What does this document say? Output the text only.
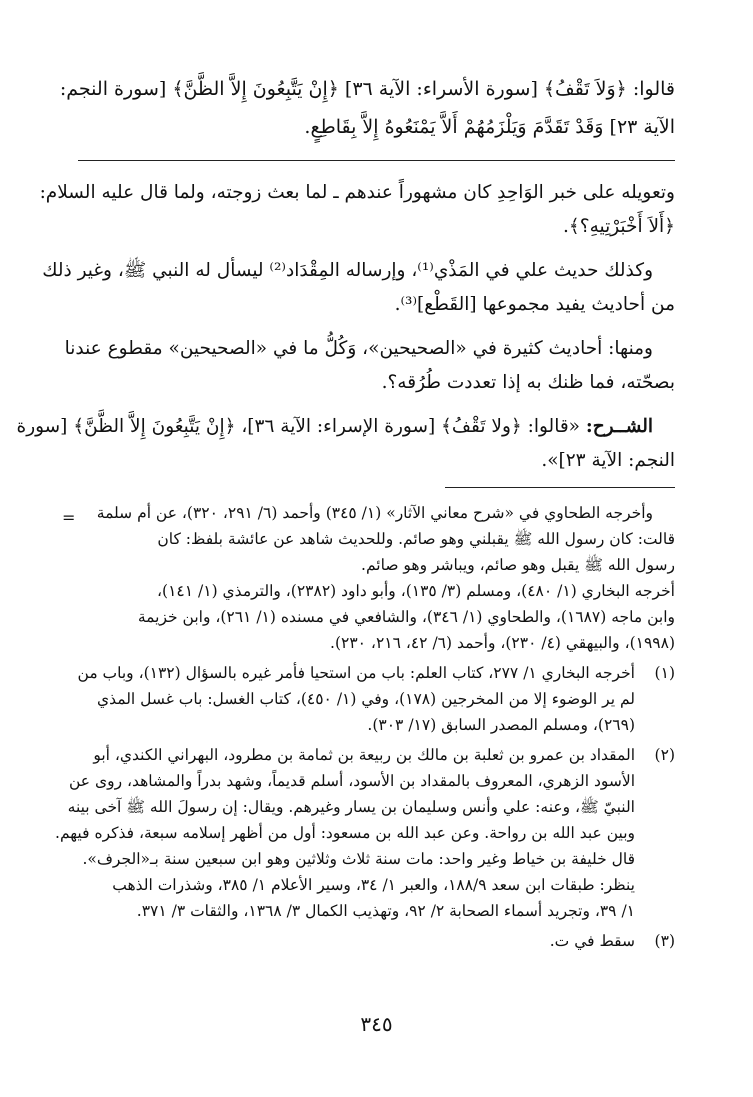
قالوا: ﴿وَلاَ تَقْفُ﴾ [سورة الأسراء: الآية ٣٦] ﴿إِنْ يَتَّبِعُونَ إِلاَّ الظَّنَّ﴾ [سورة النجم:
الآية ٢٣] وَقَدْ تَقَدَّمَ وَيَلْزَمُهُمْ أَلاَّ يَمْنَعُوهُ إِلاَّ بِقَاطِعٍ.
وتعويله على خبر الوَاحِدِ كان مشهوراً عندهم ـ لما بعث زوجته، ولما قال عليه السلام:
﴿أَلاَ أَخْبَرْتِيهِ؟﴾.
وكذلك حديث علي في المَذْي⁽¹⁾، وإرساله المِقْدَاد⁽²⁾ ليسأل له النبي ﷺ، وغير ذلك
من أحاديث يفيد مجموعها [القَطْع]⁽³⁾.
ومنها: أحاديث كثيرة في «الصحيحين»، وَكُلُّ ما في «الصحيحين» مقطوع عندنا
بصحّته، فما ظنك به إذا تعددت طُرُقه؟.
الشــرح: «قالوا: ﴿ولا تَقْفُ﴾ [سورة الإسراء: الآية ٣٦]، ﴿إِنْ يَتَّبِعُونَ إِلاَّ الظَّنَّ﴾ [سورة
النجم: الآية ٢٣]».
=	وأخرجه الطحاوي في «شرح معاني الآثار» (١/ ٣٤٥) وأحمد (٦/ ٢٩١، ٣٢٠)، عن أم سلمة
قالت: كان رسول الله ﷺ يقبلني وهو صائم. وللحديث شاهد عن عائشة بلفظ: كان
رسول الله ﷺ يقبل وهو صائم، ويباشر وهو صائم.
أخرجه البخاري (١/ ٤٨٠)، ومسلم (٣/ ١٣٥)، وأبو داود (٢٣٨٢)، والترمذي (١/ ١٤١)،
وابن ماجه (١٦٨٧)، والطحاوي (١/ ٣٤٦)، والشافعي في مسنده (١/ ٢٦١)، وابن خزيمة
(١٩٩٨)، والبيهقي (٤/ ٢٣٠)، وأحمد (٦/ ٤٢، ٢١٦، ٢٣٠).
(١)
أخرجه البخاري ١/ ٢٧٧، كتاب العلم: باب من استحيا فأمر غيره بالسؤال (١٣٢)، وباب من
لم ير الوضوء إلا من المخرجين (١٧٨)، وفي (١/ ٤٥٠)، كتاب الغسل: باب غسل المذي
(٢٦٩)، ومسلم المصدر السابق (١٧/ ٣٠٣).
(٢)
المقداد بن عمرو بن ثعلبة بن مالك بن ربيعة بن ثمامة بن مطرود، البهراني الكندي، أبو
الأسود الزهري، المعروف بالمقداد بن الأسود، أسلم قديماً، وشهد بدراً والمشاهد، روى عن
النبيّ ﷺ، وعنه: علي وأنس وسليمان بن يسار وغيرهم. ويقال: إن رسولَ الله ﷺ آخى بينه
وبين عبد الله بن رواحة. وعن عبد الله بن مسعود: أول من أظهر إسلامه سبعة، فذكره فيهم.
قال خليفة بن خياط وغير واحد: مات سنة ثلاث وثلاثين وهو ابن سبعين سنة بـ«الجرف».
ينظر: طبقات ابن سعد ١٨٨/٩، والعبر ١/ ٣٤، وسير الأعلام ١/ ٣٨٥، وشذرات الذهب
١/ ٣٩، وتجريد أسماء الصحابة ٢/ ٩٢، وتهذيب الكمال ٣/ ١٣٦٨، والثقات ٣/ ٣٧١.
(٣)
سقط في ت.
٣٤٥
